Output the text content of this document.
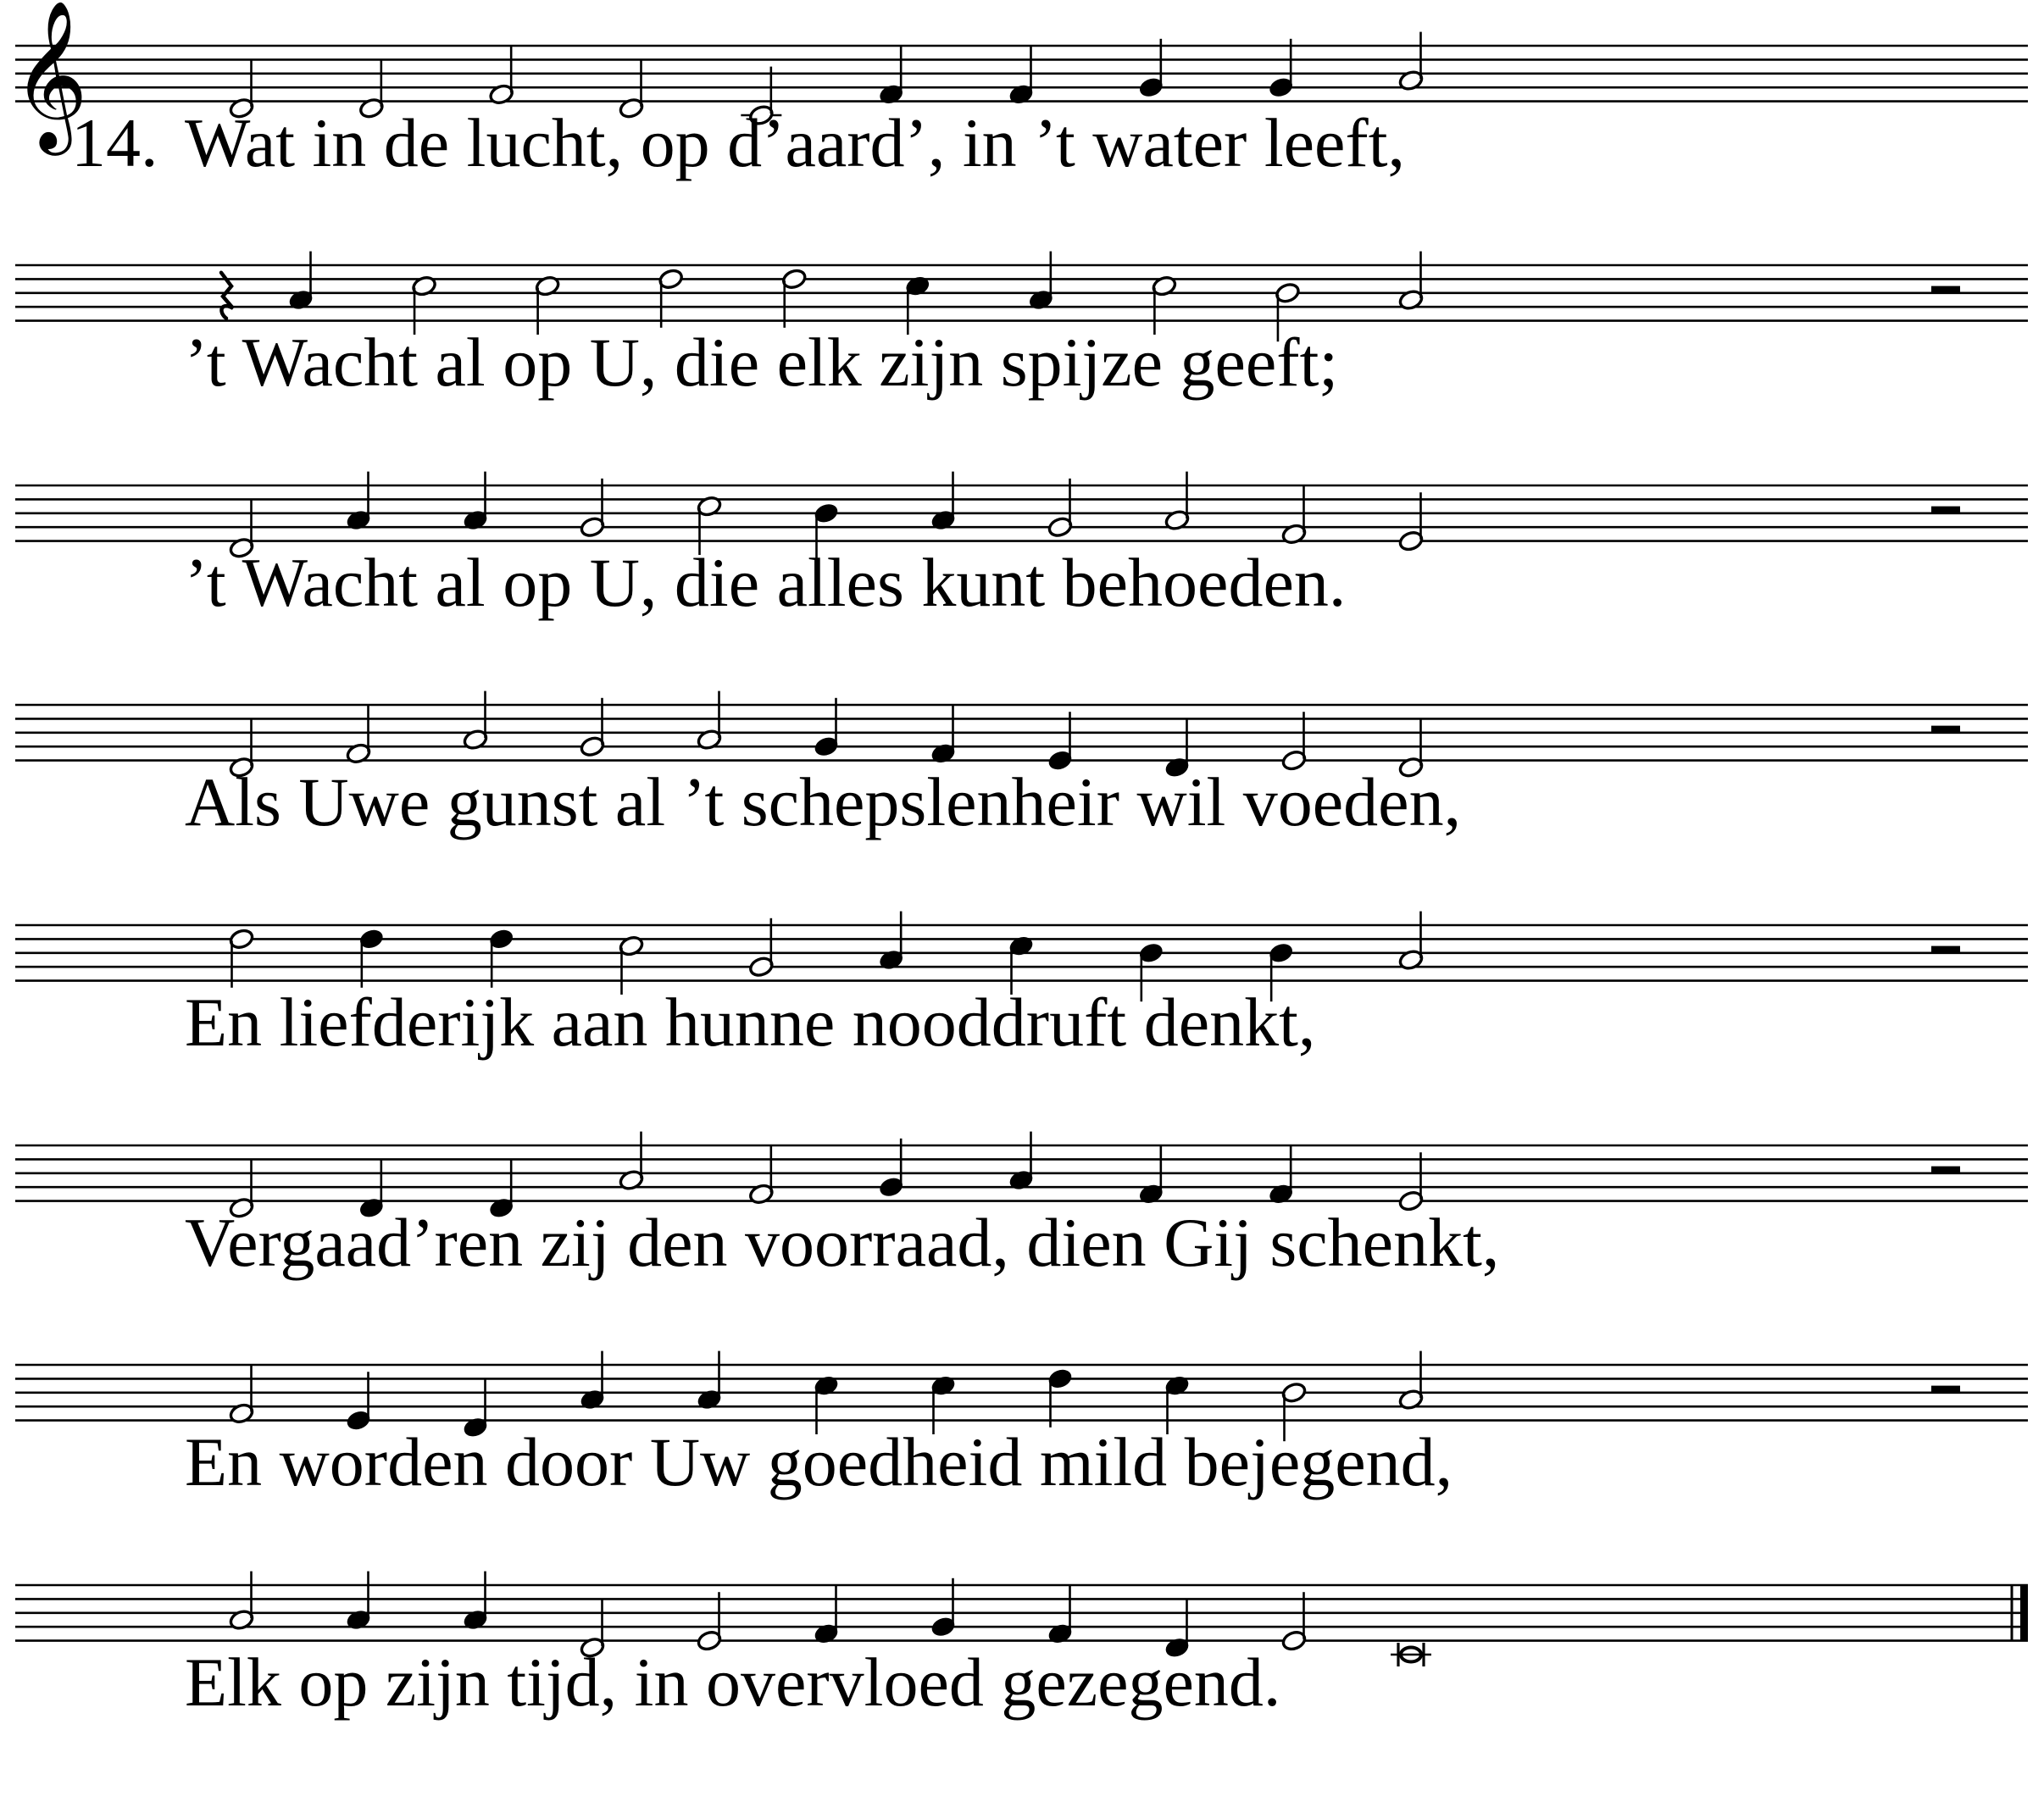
𝄞 Wat in de lucht, op d’aard’, in ’t water leeft,
14.
’t Wacht al op U, die elk zijn spijze geeft;
’t Wacht al op U, die alles kunt behoeden.
Als Uwe gunst al ’t schepslenheir wil voeden,
En liefderijk aan hunne nooddruft denkt,
Vergaad’ren zij den voorraad, dien Gij schenkt,
En worden door Uw goedheid mild bejegend,
Elk op zijn tijd, in overvloed gezegend.
